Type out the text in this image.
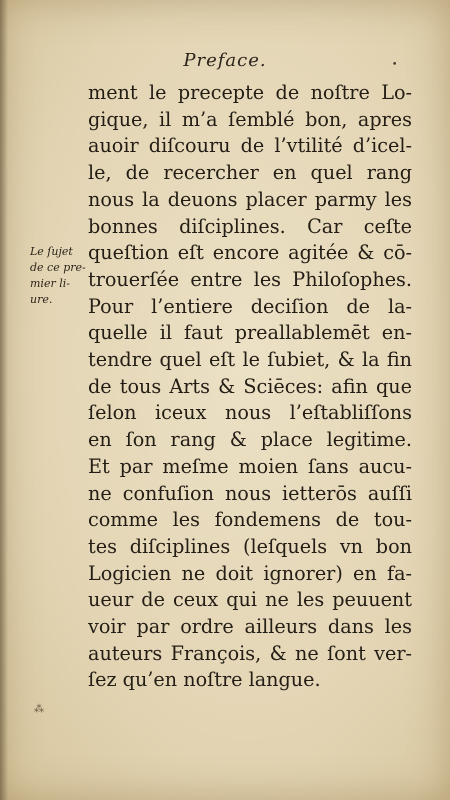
Preface.	•
Le ſujet
de ce pre-
mier li-
ure.
ment le precepte de noſtre Lo-
gique, il m’a ſemblé bon, apres
auoir diſcouru de l’vtilité d’icel-
le, de recercher en quel rang
nous la deuons placer parmy les
bonnes diſciplines. Car ceſte
queſtion eſt encore agitée & cō-
trouerſée entre les Philoſophes.
Pour l’entiere deciſion de la-
quelle il faut preallablemēt en-
tendre quel eſt le ſubiet, & la fin
de tous Arts & Sciēces: afin que
ſelon iceux nous l’eſtabliſſons
en ſon rang & place legitime.
Et par meſme moien ſans aucu-
ne confuſion nous ietterōs auſſi
comme les fondemens de tou-
tes diſciplines (leſquels vn bon
Logicien ne doit ignorer) en fa-
ueur de ceux qui ne les peuuent
voir par ordre ailleurs dans les
auteurs François, & ne ſont ver-
ſez qu’en noſtre langue.
⁂
